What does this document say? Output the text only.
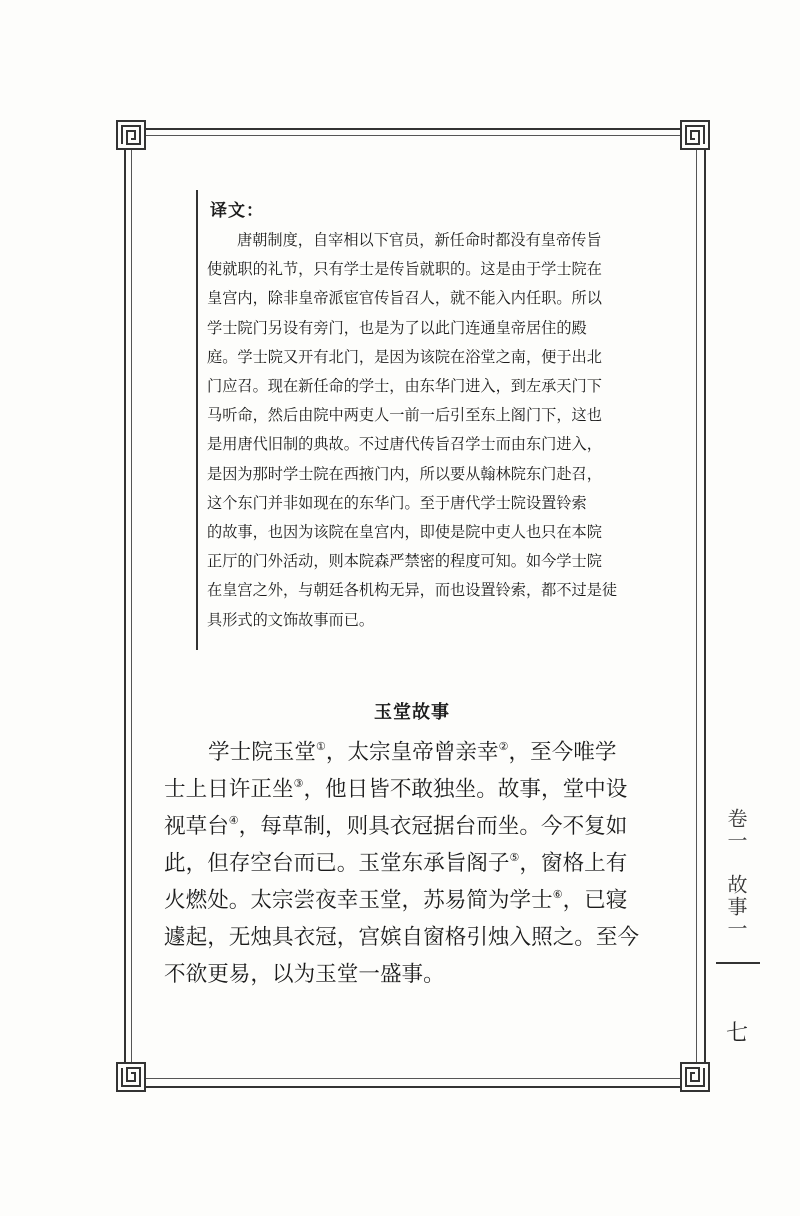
译文：
唐朝制度，自宰相以下官员，新任命时都没有皇帝传旨
使就职的礼节，只有学士是传旨就职的。这是由于学士院在
皇宫内，除非皇帝派宦官传旨召人，就不能入内任职。所以
学士院门另设有旁门，也是为了以此门连通皇帝居住的殿
庭。学士院又开有北门，是因为该院在浴堂之南，便于出北
门应召。现在新任命的学士，由东华门进入，到左承天门下
马听命，然后由院中两吏人一前一后引至东上阁门下，这也
是用唐代旧制的典故。不过唐代传旨召学士而由东门进入，
是因为那时学士院在西掖门内，所以要从翰林院东门赴召，
这个东门并非如现在的东华门。至于唐代学士院设置铃索
的故事，也因为该院在皇宫内，即使是院中吏人也只在本院
正厅的门外活动，则本院森严禁密的程度可知。如今学士院
在皇宫之外，与朝廷各机构无异，而也设置铃索，都不过是徒
具形式的文饰故事而已。
玉堂故事
学士院玉堂①，太宗皇帝曾亲幸②，至今唯学
士上日许正坐③，他日皆不敢独坐。故事，堂中设
视草台④，每草制，则具衣冠据台而坐。今不复如
此，但存空台而已。玉堂东承旨阁子⑤，窗格上有
火燃处。太宗尝夜幸玉堂，苏易简为学士⑥，已寝
遽起，无烛具衣冠，宫嫔自窗格引烛入照之。至今
不欲更易，以为玉堂一盛事。
卷一
故事一
七
